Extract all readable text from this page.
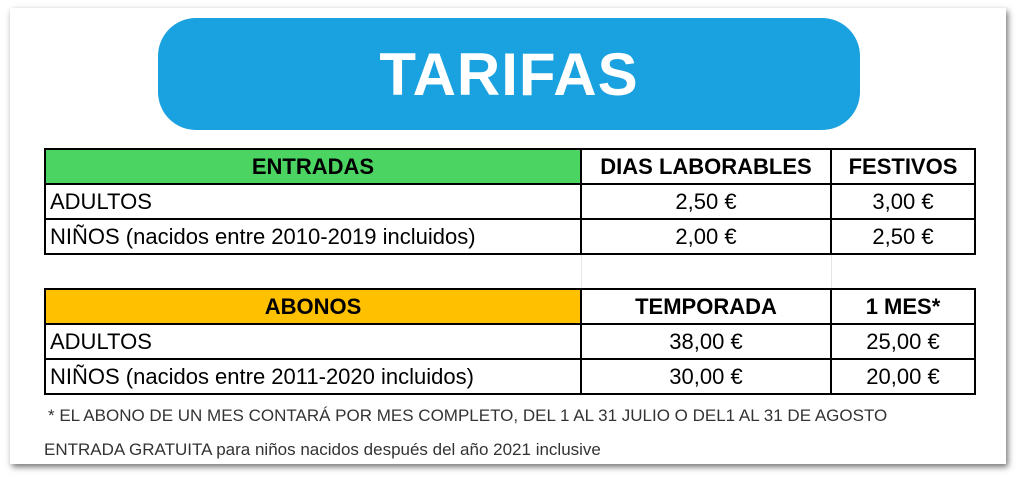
TARIFAS
ENTRADAS	DIAS LABORABLES	FESTIVOS
ADULTOS	2,50 €	3,00 €
NIÑOS (nacidos entre 2010-2019 incluidos)	2,00 €	2,50 €

ABONOS	TEMPORADA	1 MES*
ADULTOS	38,00 €	25,00 €
NIÑOS (nacidos entre 2011-2020 incluidos)	30,00 €	20,00 €
* EL ABONO DE UN MES CONTARÁ POR MES COMPLETO, DEL 1 AL 31 JULIO O DEL1 AL 31 DE AGOSTO
ENTRADA GRATUITA para niños nacidos después del año 2021 inclusive
